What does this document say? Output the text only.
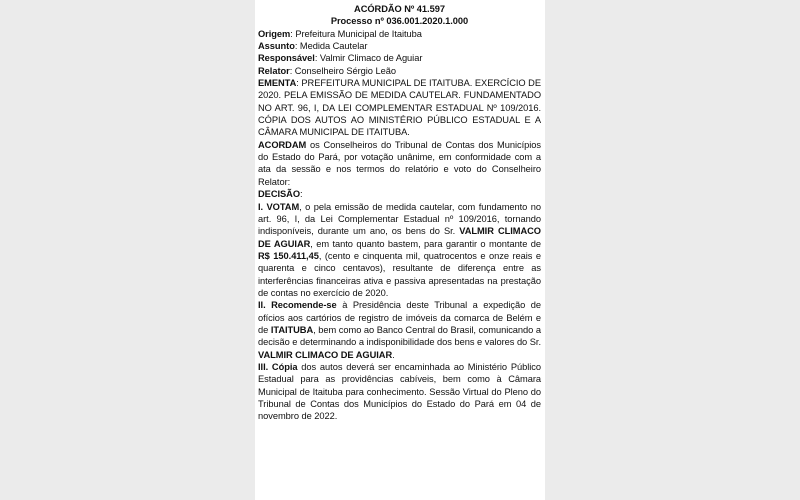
ACÓRDÃO Nº 41.597
Processo nº 036.001.2020.1.000
Origem: Prefeitura Municipal de Itaituba
Assunto: Medida Cautelar
Responsável: Valmir Climaco de Aguiar
Relator: Conselheiro Sérgio Leão
EMENTA: PREFEITURA MUNICIPAL DE ITAITUBA. EXERCÍCIO DE 2020. PELA EMISSÃO DE MEDIDA CAUTELAR. FUNDAMENTADO NO ART. 96, I, DA LEI COMPLEMENTAR ESTADUAL Nº 109/2016. CÓPIA DOS AUTOS AO MINISTÉRIO PÚBLICO ESTADUAL E A CÂMARA MUNICIPAL DE ITAITUBA.
ACORDAM os Conselheiros do Tribunal de Contas dos Municípios do Estado do Pará, por votação unânime, em conformidade com a ata da sessão e nos termos do relatório e voto do Conselheiro Relator:
DECISÃO:
I. VOTAM, o pela emissão de medida cautelar, com fundamento no art. 96, I, da Lei Complementar Estadual nº 109/2016, tornando indisponíveis, durante um ano, os bens do Sr. VALMIR CLIMACO DE AGUIAR, em tanto quanto bastem, para garantir o montante de R$ 150.411,45, (cento e cinquenta mil, quatrocentos e onze reais e quarenta e cinco centavos), resultante de diferença entre as interferências financeiras ativa e passiva apresentadas na prestação de contas no exercício de 2020.
II. Recomende-se à Presidência deste Tribunal a expedição de ofícios aos cartórios de registro de imóveis da comarca de Belém e de ITAITUBA, bem como ao Banco Central do Brasil, comunicando a decisão e determinando a indisponibilidade dos bens e valores do Sr. VALMIR CLIMACO DE AGUIAR.
III. Cópia dos autos deverá ser encaminhada ao Ministério Público Estadual para as providências cabíveis, bem como à Câmara Municipal de Itaituba para conhecimento. Sessão Virtual do Pleno do Tribunal de Contas dos Municípios do Estado do Pará em 04 de novembro de 2022.
